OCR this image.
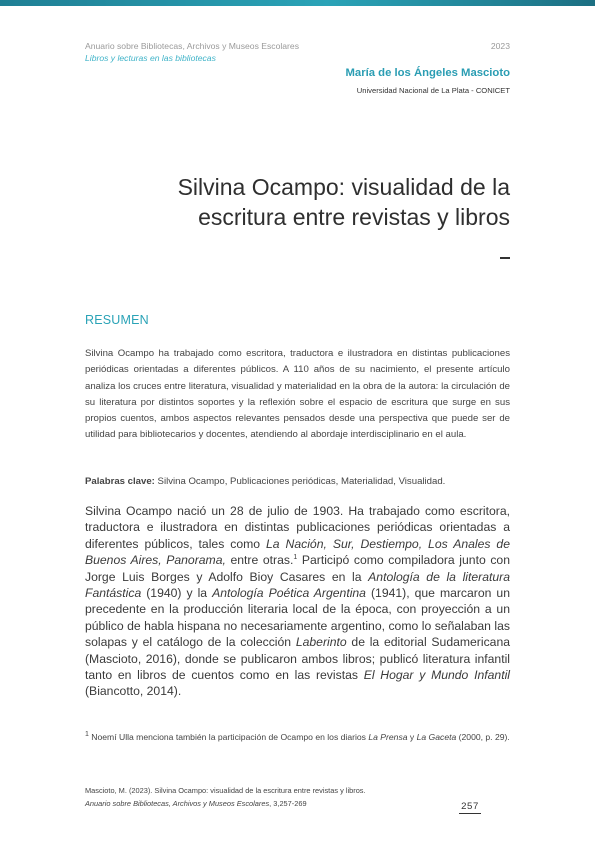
Anuario sobre Bibliotecas, Archivos y Museos Escolares
Libros y lecturas en las bibliotecas
2023
María de los Ángeles Mascioto
Universidad Nacional de La Plata - CONICET
Silvina Ocampo: visualidad de la
escritura entre revistas y libros
RESUMEN
Silvina Ocampo ha trabajado como escritora, traductora e ilustradora en distintas publicaciones periódicas orientadas a diferentes públicos. A 110 años de su nacimiento, el presente artículo analiza los cruces entre literatura, visualidad y materialidad en la obra de la autora: la circulación de su literatura por distintos soportes y la reflexión sobre el espacio de escritura que surge en sus propios cuentos, ambos aspectos relevantes pensados desde una perspectiva que puede ser de utilidad para bibliotecarios y docentes, atendiendo al abordaje interdisciplinario en el aula.
Palabras clave: Silvina Ocampo, Publicaciones periódicas, Materialidad, Visualidad.
Silvina Ocampo nació un 28 de julio de 1903. Ha trabajado como escritora, traductora e ilustradora en distintas publicaciones periódicas orientadas a diferentes públicos, tales como La Nación, Sur, Destiempo, Los Anales de Buenos Aires, Panorama, entre otras.$^1$ Participó como compiladora junto con Jorge Luis Borges y Adolfo Bioy Casares en la Antología de la literatura Fantástica (1940) y la Antología Poética Argentina (1941), que marcaron un precedente en la producción literaria local de la época, con proyección a un público de habla hispana no necesariamente argentino, como lo señalaban las solapas y el catálogo de la colección Laberinto de la editorial Sudamericana (Mascioto, 2016), donde se publicaron ambos libros; publicó literatura infantil tanto en libros de cuentos como en las revistas El Hogar y Mundo Infantil (Biancotto, 2014).
$^1$ Noemí Ulla menciona también la participación de Ocampo en los diarios La Prensa y La Gaceta (2000, p. 29).
Mascioto, M. (2023). Silvina Ocampo: visualidad de la escritura entre revistas y libros.
Anuario sobre Bibliotecas, Archivos y Museos Escolares, 3,257-269	257
